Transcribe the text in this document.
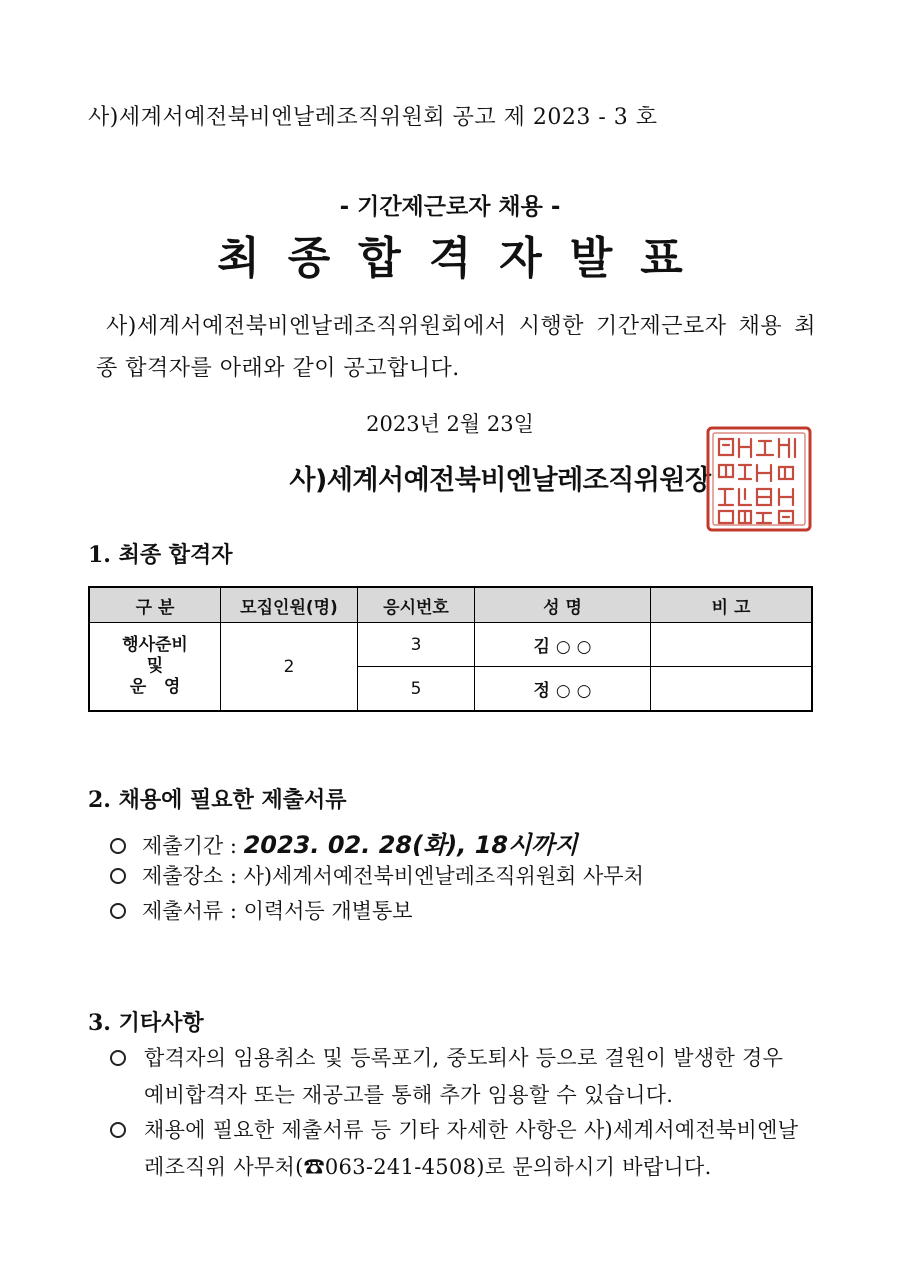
사)세계서예전북비엔날레조직위원회 공고 제 2023 - 3 호
- 기간제근로자 채용 -
최종합격자발표
사)세계서예전북비엔날레조직위원회에서 시행한 기간제근로자 채용 최종 합격자를 아래와 같이 공고합니다.
2023년 2월 23일
사)세계서예전북비엔날레조직위원장
1. 최종 합격자
구 분	모집인원(명)	응시번호	성 명	비 고

행사준비
및
운   영	2	3	김 ○ ○	
		5	정 ○ ○	
2. 채용에 필요한 제출서류
제출기간 : 2023. 02. 28(화), 18시까지
제출장소 : 사)세계서예전북비엔날레조직위원회 사무처
제출서류 : 이력서등 개별통보
3. 기타사항
합격자의 임용취소 및 등록포기, 중도퇴사 등으로 결원이 발생한 경우 예비합격자 또는 재공고를 통해 추가 임용할 수 있습니다.
채용에 필요한 제출서류 등 기타 자세한 사항은 사)세계서예전북비엔날레조직위 사무처(☎063-241-4508)로 문의하시기 바랍니다.
